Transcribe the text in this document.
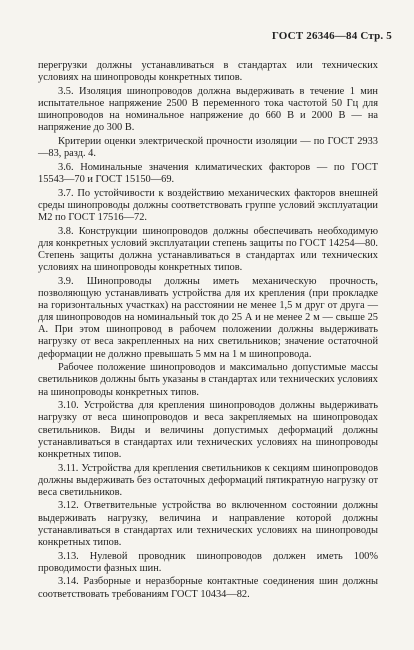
ГОСТ 26346—84 Стр. 5

перегрузки должны устанавливаться в стандартах или технических условиях на шинопроводы конкретных типов.

3.5. Изоляция шинопроводов должна выдерживать в течение 1 мин испытательное напряжение 2500 В переменного тока частотой 50 Гц для шинопроводов на номинальное напряжение до 660 В и 2000 В — на напряжение до 300 В.

Критерии оценки электрической прочности изоляции — по ГОСТ 2933—83, разд. 4.

3.6. Номинальные значения климатических факторов — по ГОСТ 15543—70 и ГОСТ 15150—69.

3.7. По устойчивости к воздействию механических факторов внешней среды шинопроводы должны соответствовать группе условий эксплуатации М2 по ГОСТ 17516—72.

3.8. Конструкции шинопроводов должны обеспечивать необходимую для конкретных условий эксплуатации степень защиты по ГОСТ 14254—80. Степень защиты должна устанавливаться в стандартах или технических условиях на шинопроводы конкретных типов.

3.9. Шинопроводы должны иметь механическую прочность, позволяющую устанавливать устройства для их крепления (при прокладке на горизонтальных участках) на расстоянии не менее 1,5 м друг от друга — для шинопроводов на номинальный ток до 25 А и не менее 2 м — свыше 25 А. При этом шинопровод в рабочем положении должны выдерживать нагрузку от веса закрепленных на них светильников; значение остаточной деформации не должно превышать 5 мм на 1 м шинопровода.

Рабочее положение шинопроводов и максимально допустимые массы светильников должны быть указаны в стандартах или технических условиях на шинопроводы конкретных типов.

3.10. Устройства для крепления шинопроводов должны выдерживать нагрузку от веса шинопроводов и веса закрепляемых на шинопроводах светильников. Виды и величины допустимых деформаций должны устанавливаться в стандартах или технических условиях на шинопроводы конкретных типов.

3.11. Устройства для крепления светильников к секциям шинопроводов должны выдерживать без остаточных деформаций пятикратную нагрузку от веса светильников.

3.12. Ответвительные устройства во включенном состоянии должны выдерживать нагрузку, величина и направление которой должны устанавливаться в стандартах или технических условиях на шинопроводы конкретных типов.

3.13. Нулевой проводник шинопроводов должен иметь 100% проводимости фазных шин.

3.14. Разборные и неразборные контактные соединения шин должны соответствовать требованиям ГОСТ 10434—82.
